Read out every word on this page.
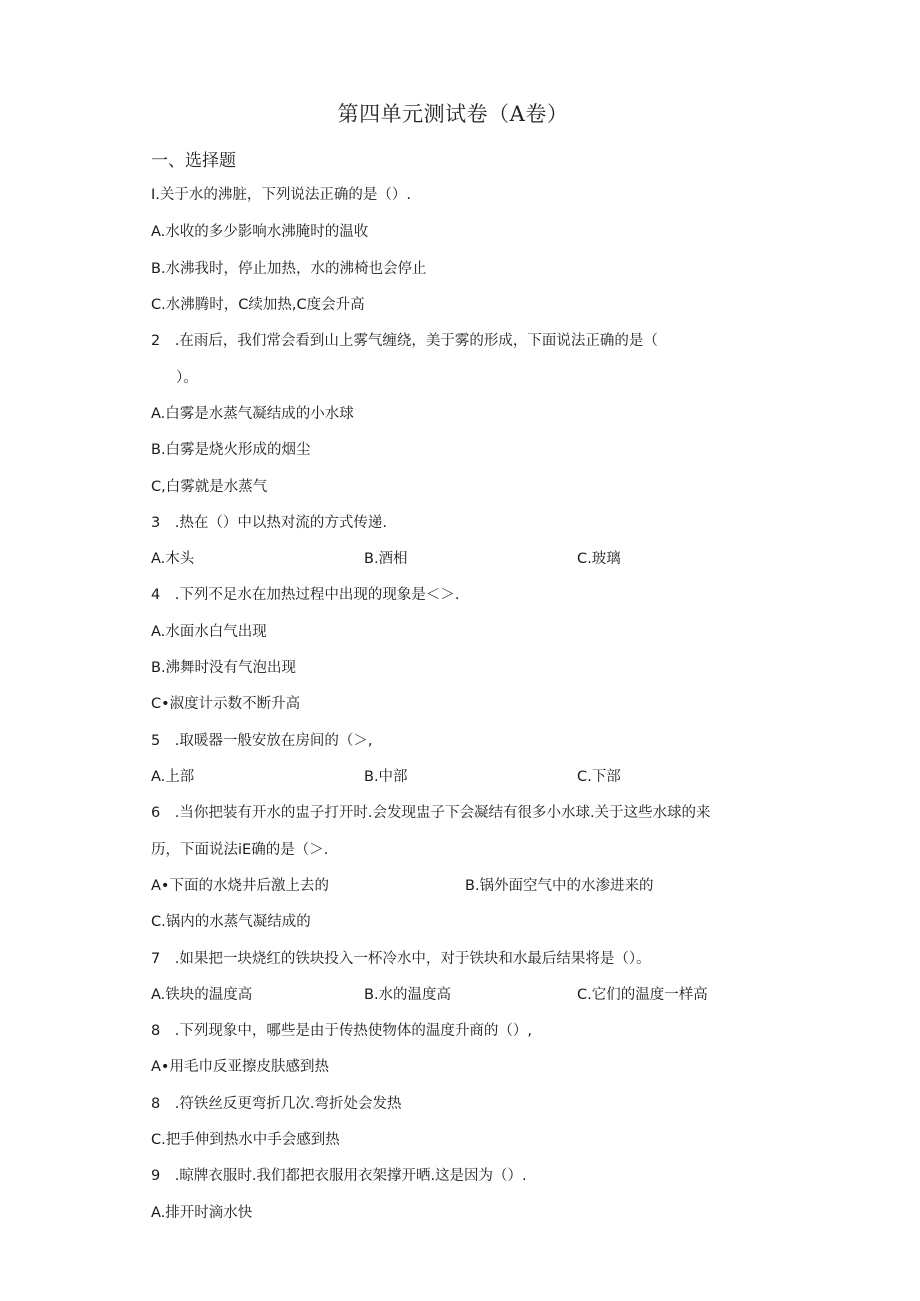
第四单元测试卷（A卷）
一、选择题
I.关于水的沸脏，下列说法正确的是（）.
A.水收的多少影响水沸腌时的温收
B.水沸我时，停止加热，水的沸椅也会停止
C.水沸腾时，C续加热,C度会升高
2　.在雨后，我们常会看到山上雾气缠绕，美于雾的形成，下面说法正确的是（
）。
A.白雾是水蒸气凝结成的小水球
B.白雾是烧火形成的烟尘
C,白雾就是水蒸气
3　.热在（）中以热对流的方式传递.
A.木头	B.酒相	C.玻璃
4　.下列不足水在加热过程中出现的现象是＜＞.
A.水面水白气出现
B.沸舞时没有气泡出现
C•淑度计示数不断升高
5　.取暖器一般安放在房间的（＞,
A.上部	B.中部	C.下部
6　.当你把装有开水的盅子打开时.会发现盅子下会凝结有很多小水球.关于这些水球的来
历，下面说法iE确的是（＞.
A•下面的水烧井后激上去的	B.锅外面空气中的水渗进来的
C.锅内的水蒸气凝结成的
7　.如果把一块烧红的铁块投入一杯冷水中，对于铁块和水最后结果将是（）。
A.铁块的温度高	B.水的温度高	C.它们的温度一样高
8　.下列现象中，哪些是由于传热使物体的温度升商的（）,
A•用毛巾反亚擦皮肤感到热
8　.符铁丝反更弯折几次.弯折处会发热
C.把手伸到热水中手会感到热
9　.晾牌衣服时.我们都把衣服用衣架撑开晒.这是因为（）.
A.排开时滴水快
